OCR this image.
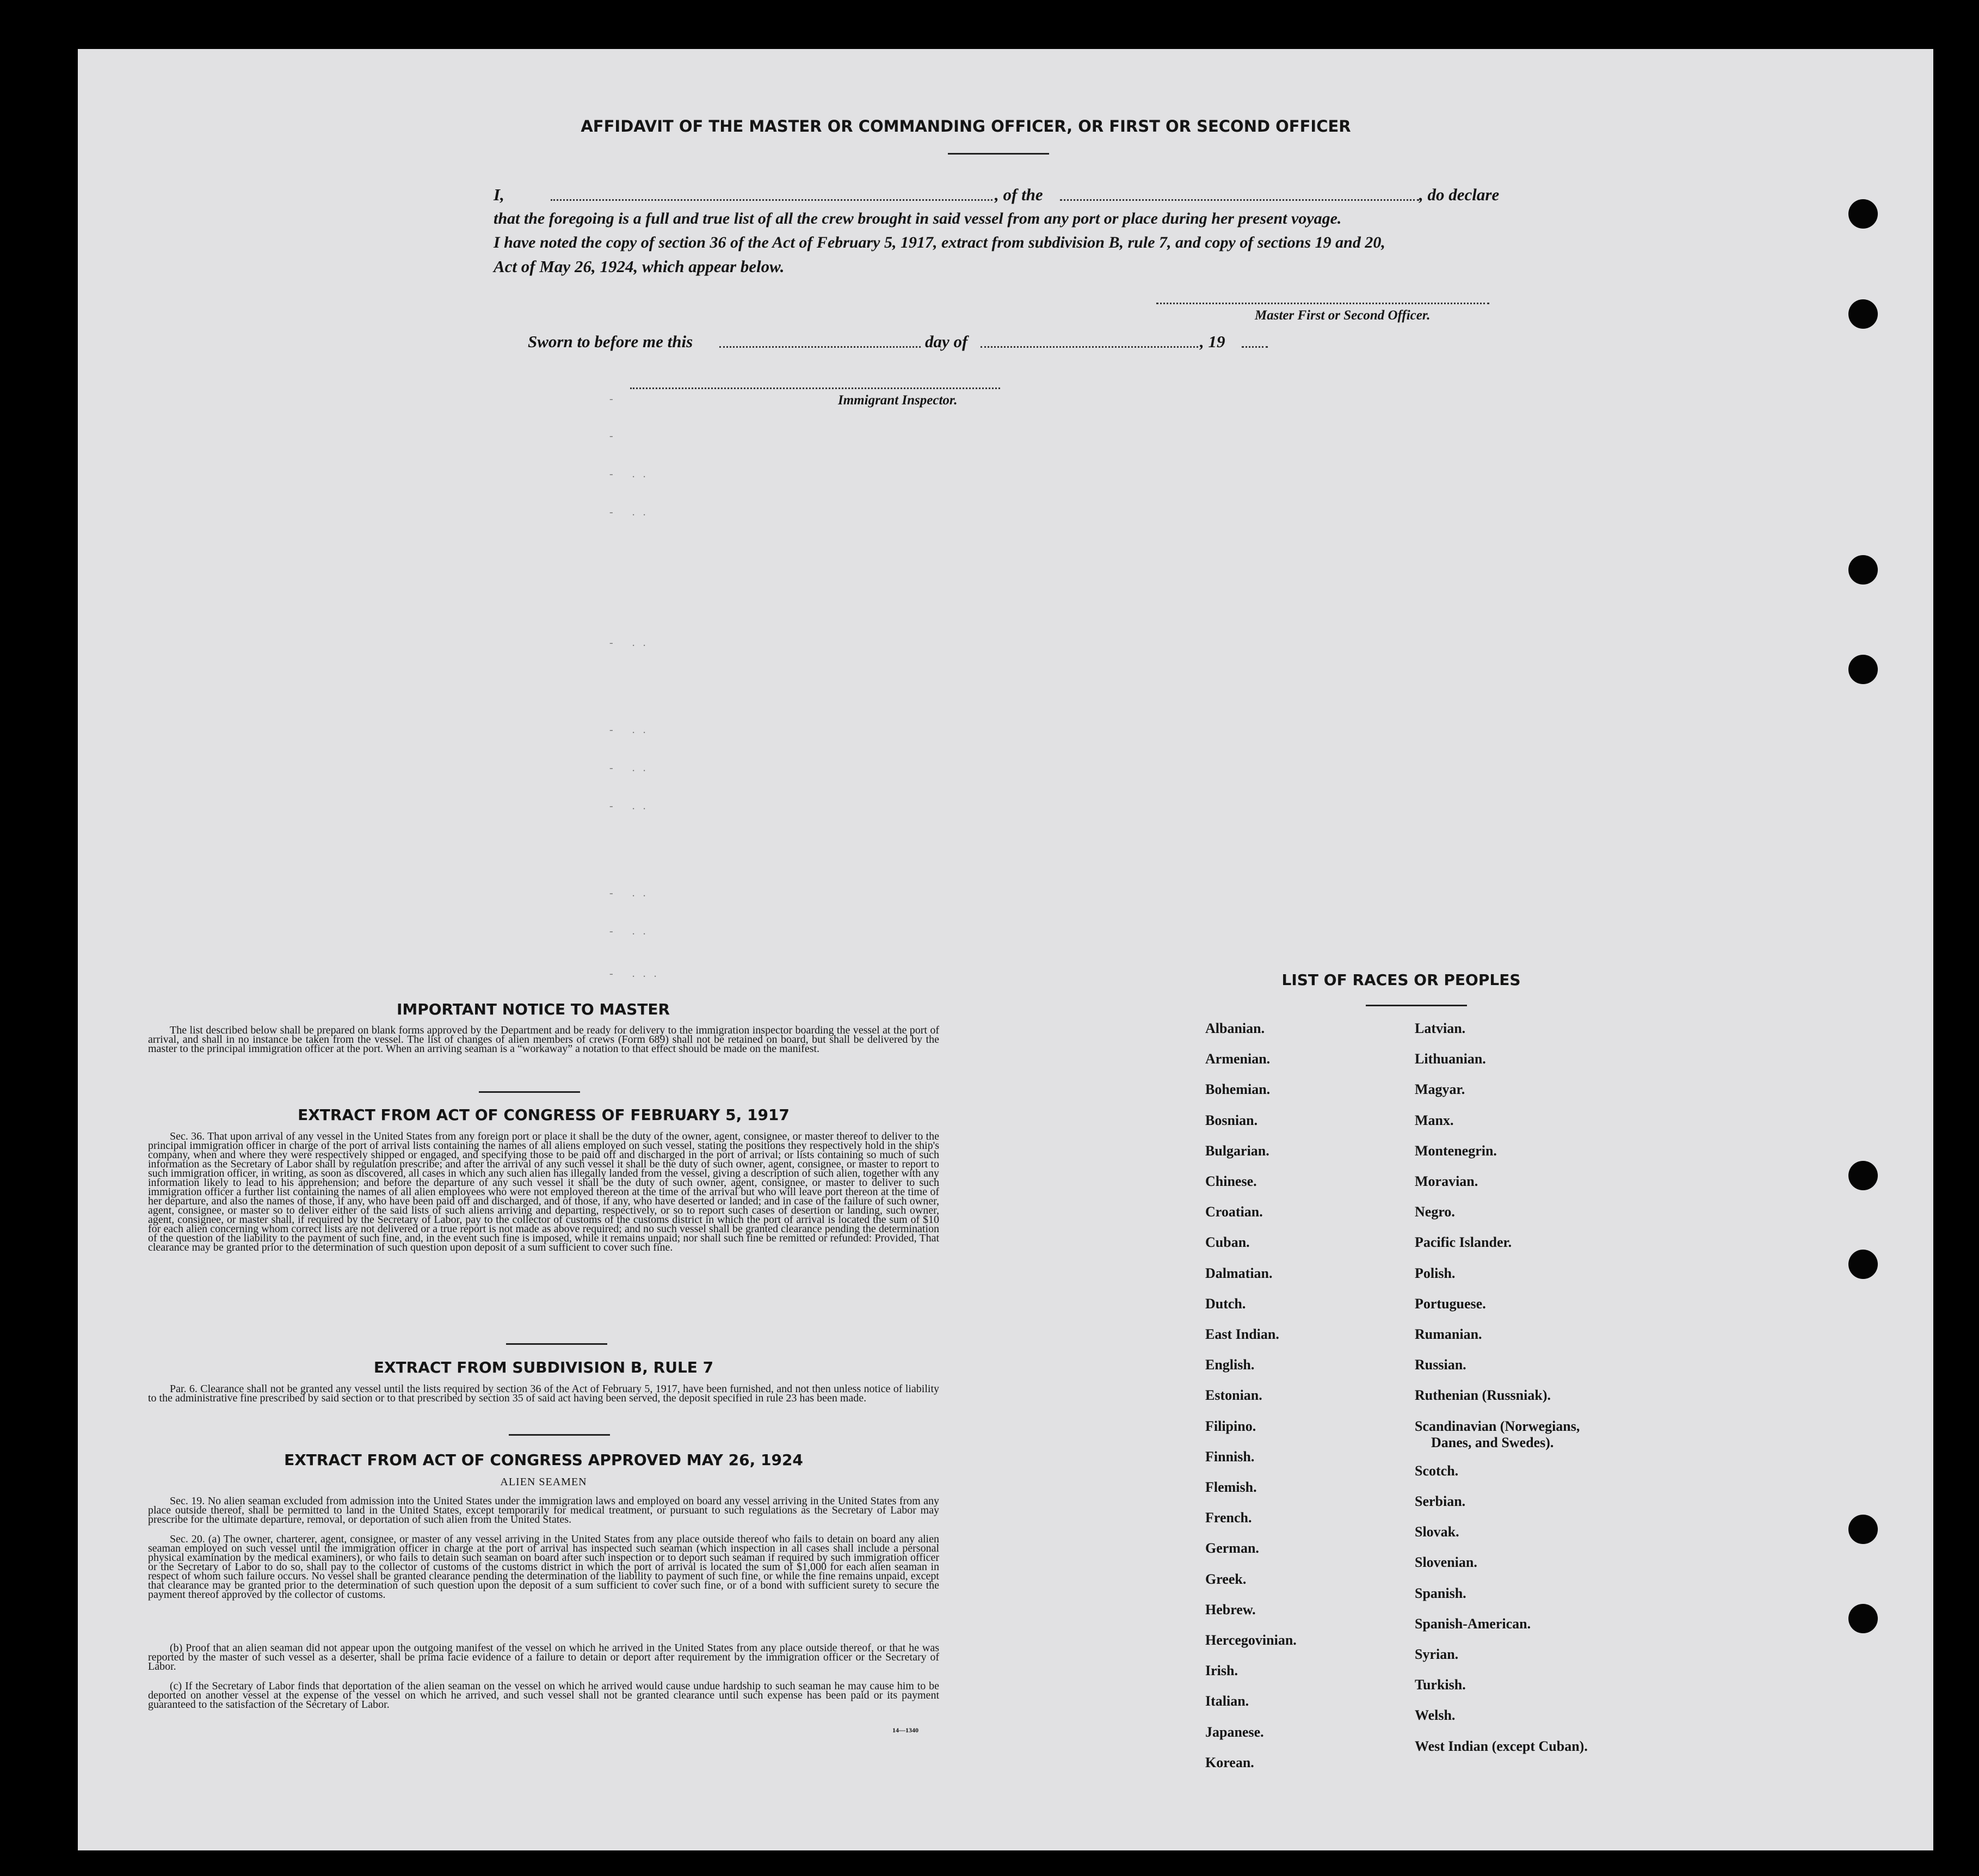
AFFIDAVIT OF THE MASTER OR COMMANDING OFFICER, OR FIRST OR SECOND OFFICER
I,	, of the	, do declare
that the foregoing is a full and true list of all the crew brought in said vessel from any port or place during her present voyage.
I have noted the copy of section 36 of the Act of February 5, 1917, extract from subdivision B, rule 7, and copy of sections 19 and 20,
Act of May 26, 1924, which appear below.
Master First or Second Officer.
Sworn to before me this	day of	, 19
Immigrant Inspector.
-
-
-       .   .
-       .   .
-       .   .
-       .   .
-       .   .
-       .   .
-       .   .
-       .   .
-       .   .   .
IMPORTANT NOTICE TO MASTER
The list described below shall be prepared on blank forms approved by the Department and be ready for delivery to the immigration inspector boarding the vessel at the port of arrival, and shall in no instance be taken from the vessel. The list of changes of alien members of crews (Form 689) shall not be retained on board, but shall be delivered by the master to the principal immigration officer at the port. When an arriving seaman is a “workaway” a notation to that effect should be made on the manifest.
EXTRACT FROM ACT OF CONGRESS OF FEBRUARY 5, 1917
Sec. 36. That upon arrival of any vessel in the United States from any foreign port or place it shall be the duty of the owner, agent, consignee, or master thereof to deliver to the principal immigration officer in charge of the port of arrival lists containing the names of all aliens employed on such vessel, stating the positions they respectively hold in the ship's company, when and where they were respectively shipped or engaged, and specifying those to be paid off and discharged in the port of arrival; or lists containing so much of such information as the Secretary of Labor shall by regulation prescribe; and after the arrival of any such vessel it shall be the duty of such owner, agent, consignee, or master to report to such immigration officer, in writing, as soon as discovered, all cases in which any such alien has illegally landed from the vessel, giving a description of such alien, together with any information likely to lead to his apprehension; and before the departure of any such vessel it shall be the duty of such owner, agent, consignee, or master to deliver to such immigration officer a further list containing the names of all alien employees who were not employed thereon at the time of the arrival but who will leave port thereon at the time of her departure, and also the names of those, if any, who have been paid off and discharged, and of those, if any, who have deserted or landed; and in case of the failure of such owner, agent, consignee, or master so to deliver either of the said lists of such aliens arriving and departing, respectively, or so to report such cases of desertion or landing, such owner, agent, consignee, or master shall, if required by the Secretary of Labor, pay to the collector of customs of the customs district in which the port of arrival is located the sum of $10 for each alien concerning whom correct lists are not delivered or a true report is not made as above required; and no such vessel shall be granted clearance pending the determination of the question of the liability to the payment of such fine, and, in the event such fine is imposed, while it remains unpaid; nor shall such fine be remitted or refunded: Provided, That clearance may be granted prior to the determination of such question upon deposit of a sum sufficient to cover such fine.
EXTRACT FROM SUBDIVISION B, RULE 7
Par. 6. Clearance shall not be granted any vessel until the lists required by section 36 of the Act of February 5, 1917, have been furnished, and not then unless notice of liability to the administrative fine prescribed by said section or to that prescribed by section 35 of said act having been served, the deposit specified in rule 23 has been made.
EXTRACT FROM ACT OF CONGRESS APPROVED MAY 26, 1924
ALIEN SEAMEN
Sec. 19. No alien seaman excluded from admission into the United States under the immigration laws and employed on board any vessel arriving in the United States from any place outside thereof, shall be permitted to land in the United States, except temporarily for medical treatment, or pursuant to such regulations as the Secretary of Labor may prescribe for the ultimate departure, removal, or deportation of such alien from the United States.
Sec. 20. (a) The owner, charterer, agent, consignee, or master of any vessel arriving in the United States from any place outside thereof who fails to detain on board any alien seaman employed on such vessel until the immigration officer in charge at the port of arrival has inspected such seaman (which inspection in all cases shall include a personal physical examination by the medical examiners), or who fails to detain such seaman on board after such inspection or to deport such seaman if required by such immigration officer or the Secretary of Labor to do so, shall pay to the collector of customs of the customs district in which the port of arrival is located the sum of $1,000 for each alien seaman in respect of whom such failure occurs. No vessel shall be granted clearance pending the determination of the liability to payment of such fine, or while the fine remains unpaid, except that clearance may be granted prior to the determination of such question upon the deposit of a sum sufficient to cover such fine, or of a bond with sufficient surety to secure the payment thereof approved by the collector of customs.
(b) Proof that an alien seaman did not appear upon the outgoing manifest of the vessel on which he arrived in the United States from any place outside thereof, or that he was reported by the master of such vessel as a deserter, shall be prima facie evidence of a failure to detain or deport after requirement by the immigration officer or the Secretary of Labor.
(c) If the Secretary of Labor finds that deportation of the alien seaman on the vessel on which he arrived would cause undue hardship to such seaman he may cause him to be deported on another vessel at the expense of the vessel on which he arrived, and such vessel shall not be granted clearance until such expense has been paid or its payment guaranteed to the satisfaction of the Secretary of Labor.
14—1340
LIST OF RACES OR PEOPLES
Albanian.
Armenian.
Bohemian.
Bosnian.
Bulgarian.
Chinese.
Croatian.
Cuban.
Dalmatian.
Dutch.
East Indian.
English.
Estonian.
Filipino.
Finnish.
Flemish.
French.
German.
Greek.
Hebrew.
Hercegovinian.
Irish.
Italian.
Japanese.
Korean.
Latvian.
Lithuanian.
Magyar.
Manx.
Montenegrin.
Moravian.
Negro.
Pacific Islander.
Polish.
Portuguese.
Rumanian.
Russian.
Ruthenian (Russniak).
Scandinavian (Norwegians,
Danes, and Swedes).
Scotch.
Serbian.
Slovak.
Slovenian.
Spanish.
Spanish-American.
Syrian.
Turkish.
Welsh.
West Indian (except Cuban).
